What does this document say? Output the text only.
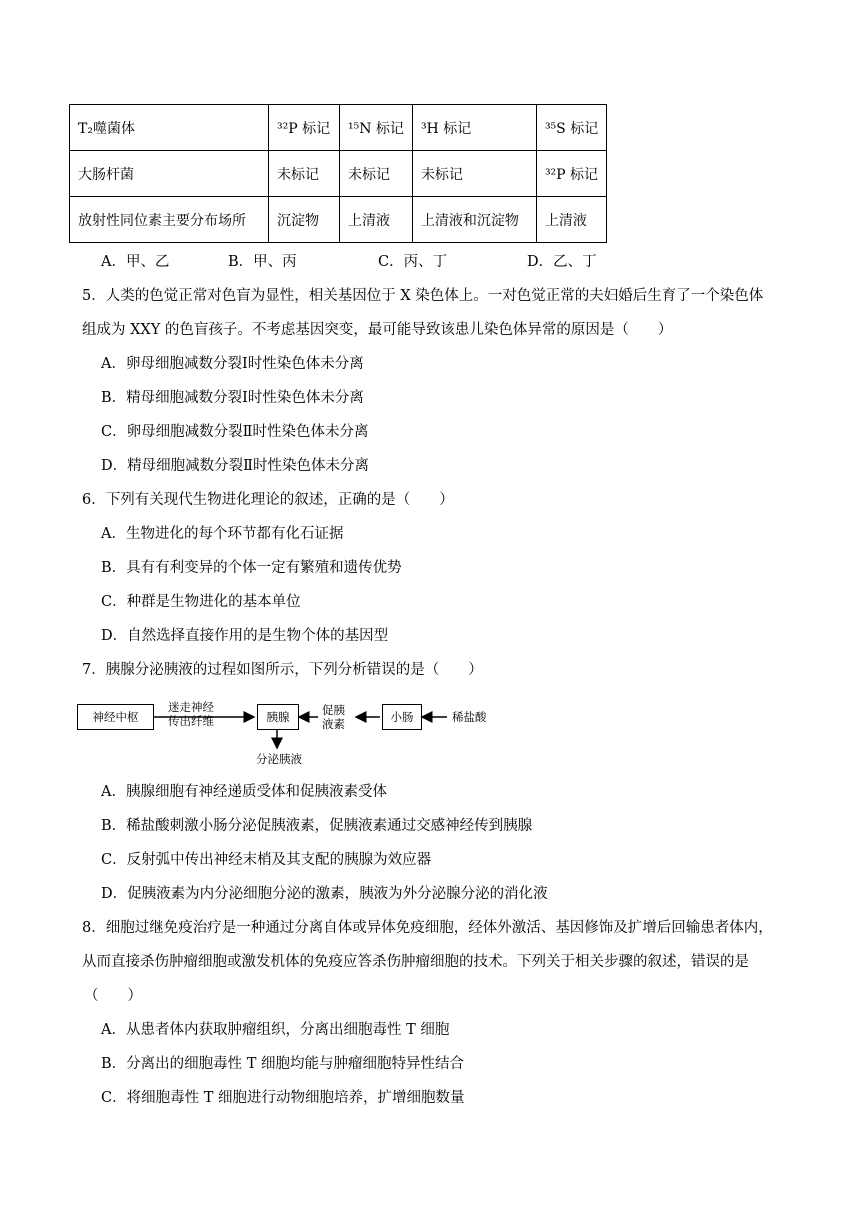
T₂噬菌体	³²P 标记	¹⁵N 标记	³H 标记	³⁵S 标记
大肠杆菌	未标记	未标记	未标记	³²P 标记
放射性同位素主要分布场所	沉淀物	上清液	上清液和沉淀物	上清液
A．甲、乙	B．甲、丙	C．丙、丁	D．乙、丁
5．人类的色觉正常对色盲为显性，相关基因位于 X 染色体上。一对色觉正常的夫妇婚后生育了一个染色体
组成为 XXY 的色盲孩子。不考虑基因突变，最可能导致该患儿染色体异常的原因是（　　）
A．卵母细胞减数分裂Ⅰ时性染色体未分离
B．精母细胞减数分裂Ⅰ时性染色体未分离
C．卵母细胞减数分裂Ⅱ时性染色体未分离
D．精母细胞减数分裂Ⅱ时性染色体未分离
6．下列有关现代生物进化理论的叙述，正确的是（　　）
A．生物进化的每个环节都有化石证据
B．具有有利变异的个体一定有繁殖和遗传优势
C．种群是生物进化的基本单位
D．自然选择直接作用的是生物个体的基因型
7．胰腺分泌胰液的过程如图所示，下列分析错误的是（　　）
神经中枢
迷走神经
传出纤维	胰腺	促胰
液素	小肠	稀盐酸
分泌胰液
A．胰腺细胞有神经递质受体和促胰液素受体
B．稀盐酸刺激小肠分泌促胰液素，促胰液素通过交感神经传到胰腺
C．反射弧中传出神经末梢及其支配的胰腺为效应器
D．促胰液素为内分泌细胞分泌的激素，胰液为外分泌腺分泌的消化液
8．细胞过继免疫治疗是一种通过分离自体或异体免疫细胞，经体外激活、基因修饰及扩增后回输患者体内，
从而直接杀伤肿瘤细胞或激发机体的免疫应答杀伤肿瘤细胞的技术。下列关于相关步骤的叙述，错误的是
（　　）
A．从患者体内获取肿瘤组织，分离出细胞毒性 T 细胞
B．分离出的细胞毒性 T 细胞均能与肿瘤细胞特异性结合
C．将细胞毒性 T 细胞进行动物细胞培养，扩增细胞数量
